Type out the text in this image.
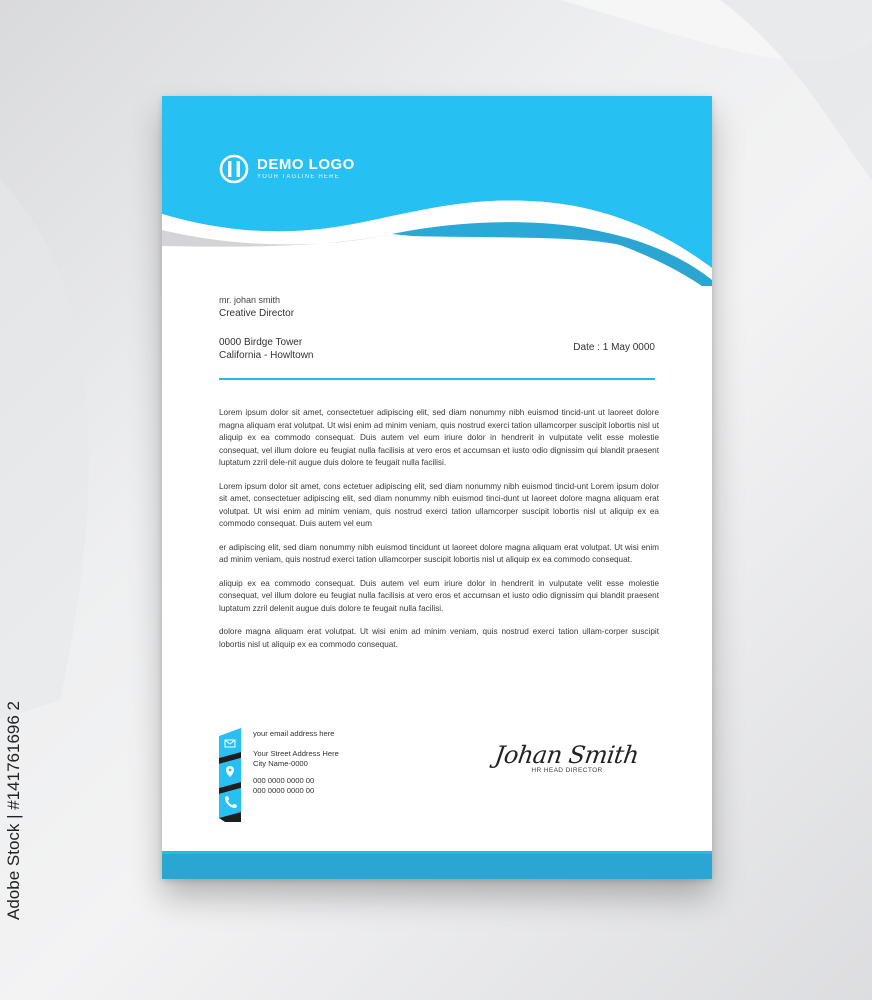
Adobe Stock | #141761696 2
DEMO LOGO
YOUR TAGLINE HERE
mr. johan smith
Creative Director
0000 Birdge Tower
California - Howltown
Date : 1 May 0000

Lorem ipsum dolor sit amet, consectetuer adipiscing elit, sed diam nonummy nibh euismod tincid-unt ut laoreet dolore magna aliquam erat volutpat. Ut wisi enim ad minim veniam, quis nostrud exerci tation ullamcorper suscipit lobortis nisl ut aliquip ex ea commodo consequat. Duis autem vel eum iriure dolor in hendrerit in vulputate velit esse molestie consequat, vel illum dolore eu feugiat nulla facilisis at vero eros et accumsan et iusto odio dignissim qui blandit praesent luptatum zzril dele-nit augue duis dolore te feugait nulla facilisi.

Lorem ipsum dolor sit amet, cons ectetuer adipiscing elit, sed diam nonummy nibh euismod tincid-unt Lorem ipsum dolor sit amet, consectetuer adipiscing elit, sed diam nonummy nibh euismod tinci-dunt ut laoreet dolore magna aliquam erat volutpat. Ut wisi enim ad minim veniam, quis nostrud exerci tation ullamcorper suscipit lobortis nisl ut aliquip ex ea commodo consequat. Duis autem vel eum

er adipiscing elit, sed diam nonummy nibh euismod tincidunt ut laoreet dolore magna aliquam erat volutpat. Ut wisi enim ad minim veniam, quis nostrud exerci tation ullamcorper suscipit lobortis nisl ut aliquip ex ea commodo consequat.

aliquip ex ea commodo consequat. Duis autem vel eum iriure dolor in hendrerit in vulputate velit esse molestie consequat, vel illum dolore eu feugiat nulla facilisis at vero eros et accumsan et iusto odio dignissim qui blandit praesent luptatum zzril delenit augue duis dolore te feugait nulla facilisi.

dolore magna aliquam erat volutpat. Ut wisi enim ad minim veniam, quis nostrud exerci tation ullam-corper suscipit lobortis nisl ut aliquip ex ea commodo consequat.

your email address here
Your Street Address Here
City Name-0000
000 0000 0000 00
000 0000 0000 00
Johan Smith
HR HEAD DIRECTOR
